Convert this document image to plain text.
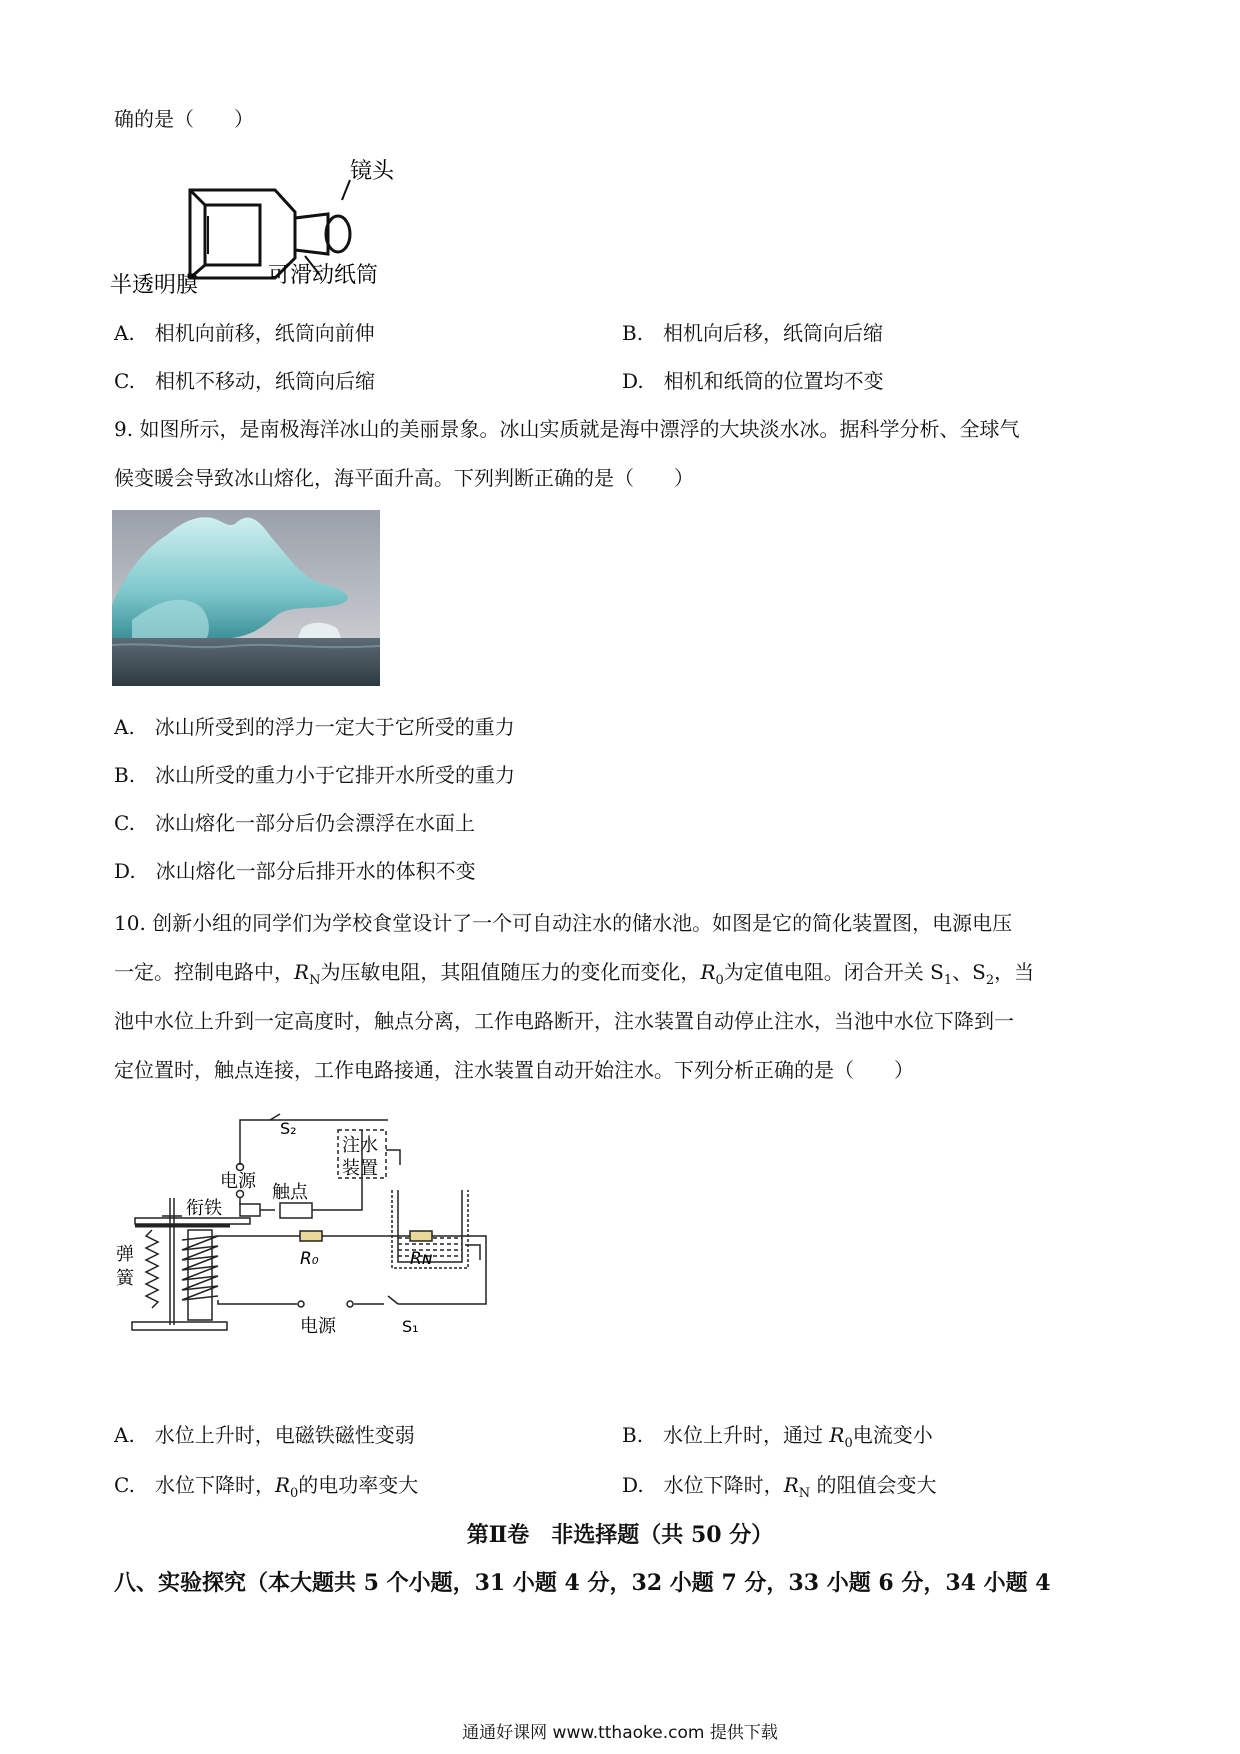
确的是（　　）
镜头
半透明膜	可滑动纸筒
A.　相机向前移，纸筒向前伸	B.　相机向后移，纸筒向后缩
C.　相机不移动，纸筒向后缩	D.　相机和纸筒的位置均不变
9. 如图所示，是南极海洋冰山的美丽景象。冰山实质就是海中漂浮的大块淡水冰。据科学分析、全球气
候变暖会导致冰山熔化，海平面升高。下列判断正确的是（　　）
A.　冰山所受到的浮力一定大于它所受的重力
B.　冰山所受的重力小于它排开水所受的重力
C.　冰山熔化一部分后仍会漂浮在水面上
D.　冰山熔化一部分后排开水的体积不变
10. 创新小组的同学们为学校食堂设计了一个可自动注水的储水池。如图是它的简化装置图，电源电压
一定。控制电路中，$R_N$为压敏电阻，其阻值随压力的变化而变化，$R_0$为定值电阻。闭合开关 $S_1$、$S_2$，当
池中水位上升到一定高度时，触点分离，工作电路断开，注水装置自动停止注水，当池中水位下降到一
定位置时，触点连接，工作电路接通，注水装置自动开始注水。下列分析正确的是（　　）
S₂
电源
注水
装置
衔铁
触点
弹
簧
R₀	Rɴ
电源	S₁
A.　水位上升时，电磁铁磁性变弱	B.　水位上升时，通过 $R_0$电流变小
C.　水位下降时，$R_0$的电功率变大	D.　水位下降时，$R_N$ 的阻值会变大
第Ⅱ卷　非选择题（共 50 分）
八、实验探究（本大题共 5 个小题，31 小题 4 分，32 小题 7 分，33 小题 6 分，34 小题 4
通通好课网 www.tthaoke.com 提供下载
